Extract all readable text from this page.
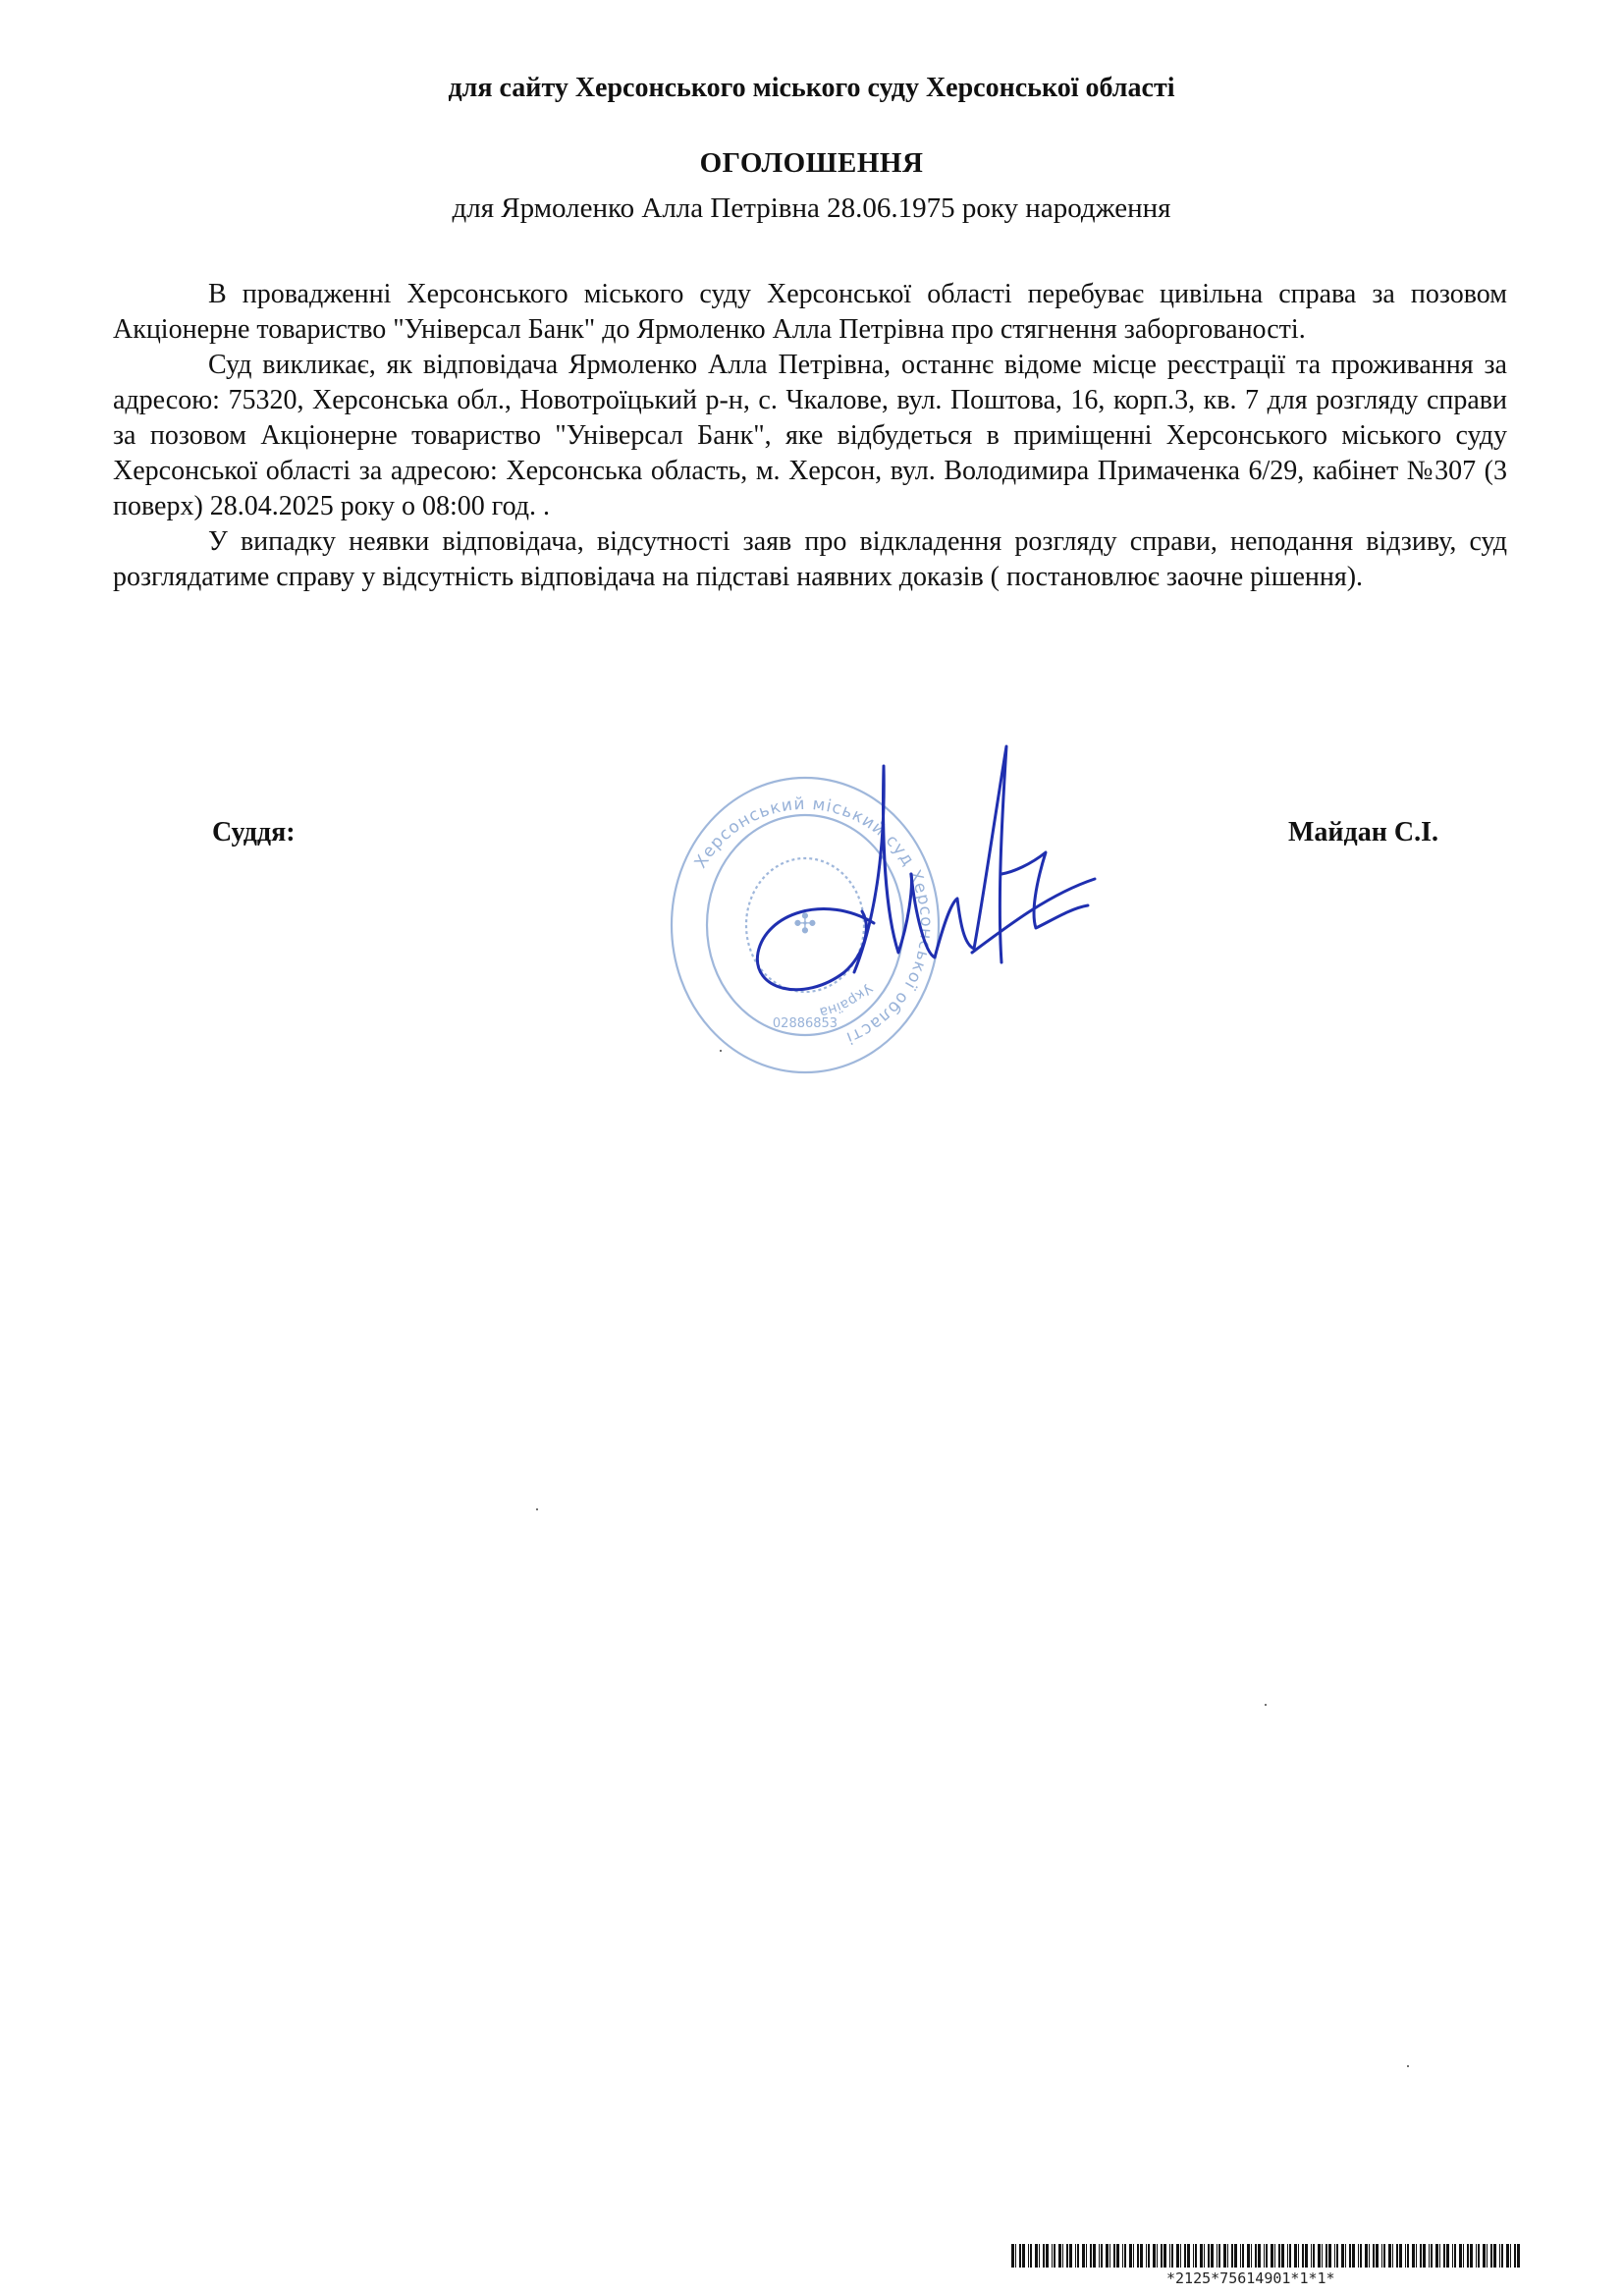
для сайту Херсонського міського суду Херсонської області
ОГОЛОШЕННЯ
для Ярмоленко Алла Петрівна 28.06.1975 року народження

В провадженні Херсонського міського суду Херсонської області перебуває цивільна справа за позовом Акціонерне товариство "Універсал Банк" до Ярмоленко Алла Петрівна про стягнення заборгованості.

Суд викликає, як відповідача Ярмоленко Алла Петрівна, останнє відоме місце реєстрації та проживання за адресою: 75320, Херсонська обл., Новотроїцький р-н, с. Чкалове, вул. Поштова, 16, корп.3, кв. 7 для розгляду справи за позовом Акціонерне товариство "Універсал Банк", яке відбудеться в приміщенні Херсонського міського суду Херсонської області за адресою: Херсонська область, м. Херсон, вул. Володимира Примаченка 6/29, кабінет №307 (3 поверх) 28.04.2025 року о 08:00 год. .

У випадку неявки відповідача, відсутності заяв про відкладення розгляду справи, неподання відзиву, суд розглядатиме справу у відсутність відповідача на підставі наявних доказів ( постановлює заочне рішення).

Херсонський міський суд Херсонської області
Україна
02886853
✣
Суддя:	Майдан С.І.
*2125*75614901*1*1*
